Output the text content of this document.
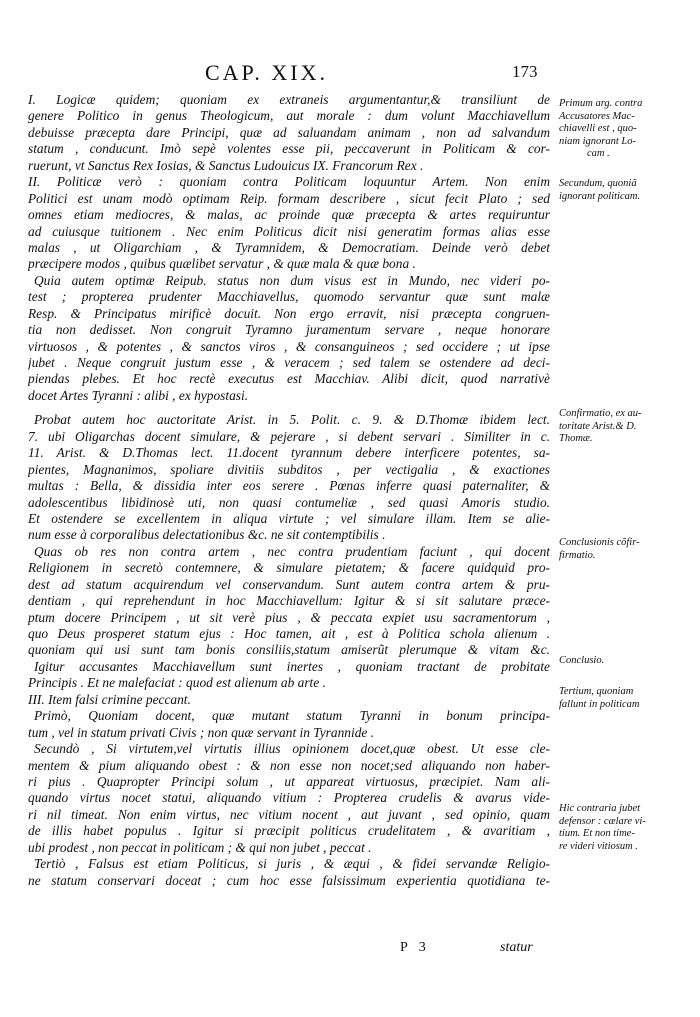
CAP. XIX.	173
I. Logicæ quidem; quoniam ex extraneis argumentantur,& transiliunt de
genere Politico in genus Theologicum, aut morale : dum volunt Macchiavellum
debuisse præcepta dare Principi, quæ ad saluandam animam , non ad salvandum
statum , conducunt. Imò sepè volentes esse pii, peccaverunt in Politicam & cor-
ruerunt, vt Sanctus Rex Iosias, & Sanctus Ludouicus IX. Francorum Rex .
II. Politicæ verò : quoniam contra Politicam loquuntur Artem. Non enim
Politici est unam modò optimam Reip. formam describere , sicut fecit Plato ; sed
omnes etiam mediocres, & malas, ac proinde quæ præcepta & artes requiruntur
ad cuiusque tuitionem . Nec enim Politicus dicit nisi generatim formas alias esse
malas , ut Oligarchiam , & Tyramnidem, & Democratiam. Deinde verò debet
præcipere modos , quibus quælibet servatur , & quæ mala & quæ bona .
Quia autem optimæ Reipub. status non dum visus est in Mundo, nec videri po-
test ; propterea prudenter Macchiavellus, quomodo servantur quæ sunt malæ
Resp. & Principatus mirificè docuit. Non ergo erravit, nisi præcepta congruen-
tia non dedisset. Non congruit Tyramno juramentum servare , neque honorare
virtuosos , & potentes , & sanctos viros , & consanguineos ; sed occidere ; ut ipse
jubet . Neque congruit justum esse , & veracem ; sed talem se ostendere ad deci-
piendas plebes. Et hoc rectè executus est Macchiav. Alibi dicit, quod narrativè
docet Artes Tyranni : alibi , ex hypostasi.
Probat autem hoc auctoritate Arist. in 5. Polit. c. 9. & D.Thomæ ibidem lect.
7. ubi Oligarchas docent simulare, & pejerare , si debent servari . Similiter in c.
11. Arist. & D.Thomas lect. 11.docent tyrannum debere interficere potentes, sa-
pientes, Magnanimos, spoliare divitiis subditos , per vectigalia , & exactiones
multas : Bella, & dissidia inter eos serere . Pœnas inferre quasi paternaliter, &
adolescentibus libidinosè uti, non quasi contumeliæ , sed quasi Amoris studio.
Et ostendere se excellentem in aliqua virtute ; vel simulare illam. Item se alie-
num esse à corporalibus delectationibus &c. ne sit contemptibilis .
Quas ob res non contra artem , nec contra prudentiam faciunt , qui docent
Religionem in secretò contemnere, & simulare pietatem; & facere quidquid pro-
dest ad statum acquirendum vel conservandum. Sunt autem contra artem & pru-
dentiam , qui reprehendunt in hoc Macchiavellum: Igitur & si sit salutare præce-
ptum docere Principem , ut sit verè pius , & peccata expiet usu sacramentorum ,
quo Deus prosperet statum ejus : Hoc tamen, ait , est à Politica schola alienum .
quoniam qui usi sunt tam bonis consiliis,statum amiserũt plerumque & vitam &c.
Igitur accusantes Macchiavellum sunt inertes , quoniam tractant de probitate
Principis . Et ne malefaciat : quod est alienum ab arte .
III. Item falsi crimine peccant.
Primò, Quoniam docent, quæ mutant statum Tyranni in bonum principa-
tum , vel in statum privati Civis ; non quæ servant in Tyrannide .
Secundò , Si virtutem,vel virtutis illius opinionem docet,quæ obest. Ut esse cle-
mentem & pium aliquando obest : & non esse non nocet;sed aliquando non haber-
ri pius . Quapropter Principi solum , ut appareat virtuosus, præcipiet. Nam ali-
quando virtus nocet statui, aliquando vitium : Propterea crudelis & avarus vide-
ri nil timeat. Non enim virtus, nec vitium nocent , aut juvant , sed opinio, quam
de illis habet populus . Igitur si præcipit politicus crudelitatem , & avaritiam ,
ubi prodest , non peccat in politicam ; & qui non jubet , peccat .
Tertiò , Falsus est etiam Politicus, si juris , & æqui , & fidei servandæ Religio-
ne statum conservari doceat ; cum hoc esse falsissimum experientia quotidiana te-
Primum arg. contra
Accusatores Mac-
chiavelli est , quo-
niam ignorant Lo-
cam .
Secundum, quoniã
ignorant politicam.
Confirmatio, ex au-
toritate Arist.& D.
Thomæ.
Conclusionis cõfir-
firmatio.
Conclusio.
Tertium, quoniam
fallunt in politicam
Hic contraria jubet
defensor : cælare vi-
tium. Et non time-
re videri vitiosum .
P 3	statur
